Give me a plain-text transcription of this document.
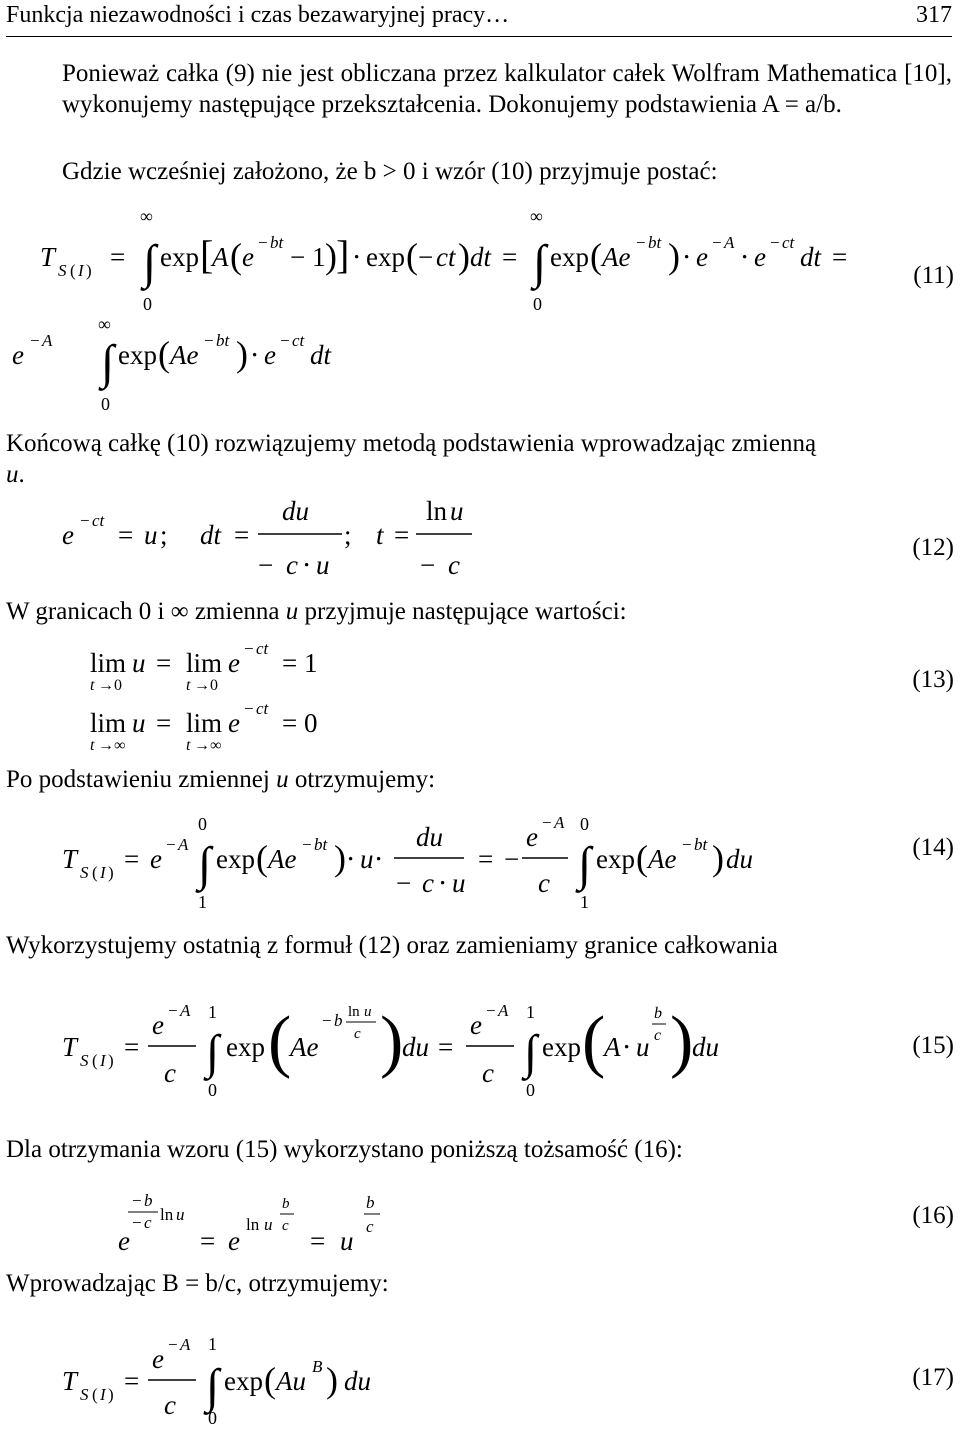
Funkcja niezawodności i czas bezawaryjnej pracy…	317

Ponieważ całka (9) nie jest obliczana przez kalkulator całek Wolfram Mathematica [10], wykonujemy następujące przekształcenia. Dokonujemy podstawienia A = a/b.

Gdzie wcześniej założono, że b > 0 i wzór (10) przyjmuje postać:

T S ( I ) =
∞
∫
0
exp [
A ( e − bt − 1 ) ] ⋅ exp ( − ct ) dt =
∞
∫
0
exp ( Ae − bt ) ⋅ e − A ⋅ e − ct dt =
e − A
∞
∫
0
exp ( Ae − bt ) ⋅ e − ct dt
(11)

Końcową całkę (10) rozwiązujemy metodą podstawienia wprowadzając zmienną
u.

e − ct = u ; dt =
du
− c ⋅ u
; t =
ln u
− c
(12)

W granicach 0 i ∞ zmienna u przyjmuje następujące wartości:

lim
t →0
u = lim
t →0
e − ct = 1
lim
t →∞
u = lim
t →∞
e − ct = 0
(13)

Po podstawieniu zmiennej u otrzymujemy:

T S ( I ) = e − A
0
∫
1
exp ( Ae − bt ) ⋅ u ⋅
du
− c ⋅ u
= −
e − A
c
0
∫
1
exp ( Ae − bt ) du	(14)

Wykorzystujemy ostatnią z formuł (12) oraz zamieniamy granice całkowania

T S ( I ) =
e − A
c
1
∫
0
exp (
Ae
− b ln u
c )
du =
e − A
c
1
∫
0
exp (
A ⋅ u
b
c )
du	(15)

Dla otrzymania wzoru (15) wykorzystano poniższą tożsamość (16):

e
− b
− c ln u
= e
ln u
b
c = u
b
c	(16)

Wprowadzając B = b/c, otrzymujemy:

T S ( I ) =
e − A
c
1
∫
0
exp ( Au B ) du	(17)
